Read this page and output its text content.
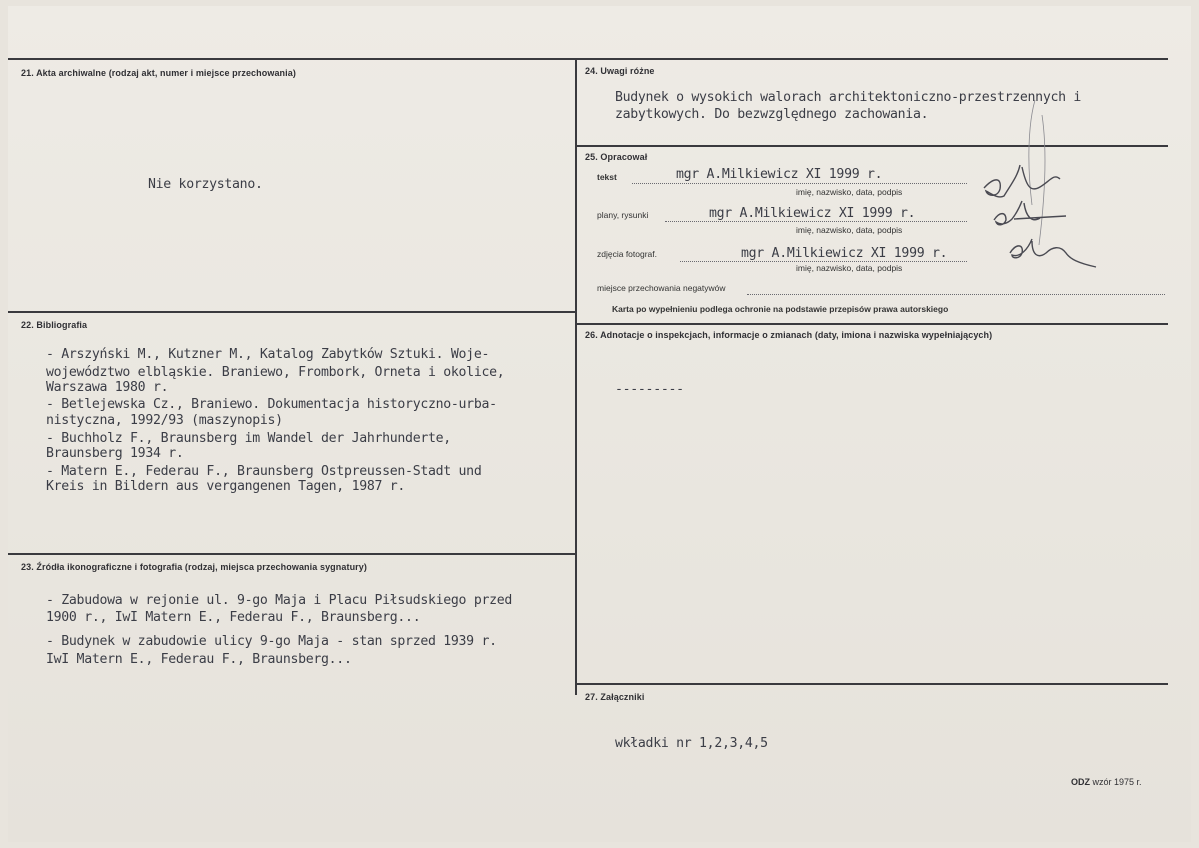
21. Akta archiwalne (rodzaj akt, numer i miejsce przechowania)
Nie korzystano.
22. Bibliografia
- Arszyński M., Kutzner M., Katalog Zabytków Sztuki. Woje-
województwo elbląskie. Braniewo, Frombork, Orneta i okolice,
Warszawa 1980 r.
- Betlejewska Cz., Braniewo. Dokumentacja historyczno-urba-
nistyczna, 1992/93 (maszynopis)
- Buchholz F., Braunsberg im Wandel der Jahrhunderte,
Braunsberg 1934 r.
- Matern E., Federau F., Braunsberg Ostpreussen-Stadt und
Kreis in Bildern aus vergangenen Tagen, 1987 r.
23. Źródła ikonograficzne i fotografia (rodzaj, miejsca przechowania sygnatury)
- Zabudowa w rejonie ul. 9-go Maja i Placu Piłsudskiego przed
1900 r., IwI Matern E., Federau F., Braunsberg...
- Budynek w zabudowie ulicy 9-go Maja - stan sprzed 1939 r.
IwI Matern E., Federau F., Braunsberg...
24. Uwagi różne
Budynek o wysokich walorach architektoniczno-przestrzennych i
zabytkowych. Do bezwzględnego zachowania.
25. Opracował
tekst	mgr A.Milkiewicz XI 1999 r.
imię, nazwisko, data, podpis
plany, rysunki	mgr A.Milkiewicz XI 1999 r.
imię, nazwisko, data, podpis
zdjęcia fotograf.	mgr A.Milkiewicz XI 1999 r.
imię, nazwisko, data, podpis
miejsce przechowania negatywów
Karta po wypełnieniu podlega ochronie na podstawie przepisów prawa autorskiego
26. Adnotacje o inspekcjach, informacje o zmianach (daty, imiona i nazwiska wypełniających)
---------
27. Załączniki
wkładki nr 1,2,3,4,5
ODZ wzór 1975 r.
